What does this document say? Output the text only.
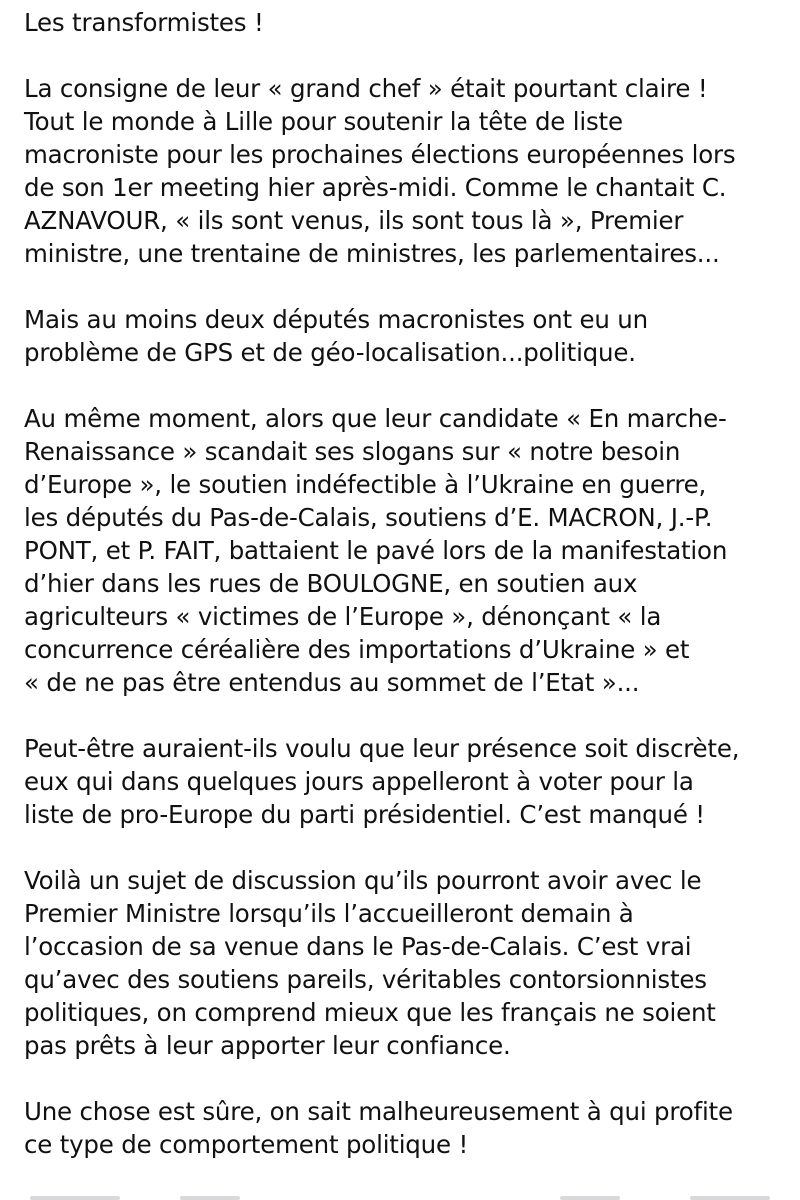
Les transformistes !

La consigne de leur « grand chef » était pourtant claire !
Tout le monde à Lille pour soutenir la tête de liste
macroniste pour les prochaines élections européennes lors
de son 1er meeting hier après-midi. Comme le chantait C.
AZNAVOUR, « ils sont venus, ils sont tous là », Premier
ministre, une trentaine de ministres, les parlementaires...

Mais au moins deux députés macronistes ont eu un
problème de GPS et de géo-localisation...politique.

Au même moment, alors que leur candidate « En marche-
Renaissance » scandait ses slogans sur « notre besoin
d’Europe », le soutien indéfectible à l’Ukraine en guerre,
les députés du Pas-de-Calais, soutiens d’E. MACRON, J.-P.
PONT, et P. FAIT, battaient le pavé lors de la manifestation
d’hier dans les rues de BOULOGNE, en soutien aux
agriculteurs « victimes de l’Europe », dénonçant « la
concurrence céréalière des importations d’Ukraine » et
« de ne pas être entendus au sommet de l’Etat »...

Peut-être auraient-ils voulu que leur présence soit discrète,
eux qui dans quelques jours appelleront à voter pour la
liste de pro-Europe du parti présidentiel. C’est manqué !

Voilà un sujet de discussion qu’ils pourront avoir avec le
Premier Ministre lorsqu’ils l’accueilleront demain à
l’occasion de sa venue dans le Pas-de-Calais. C’est vrai
qu’avec des soutiens pareils, véritables contorsionnistes
politiques, on comprend mieux que les français ne soient
pas prêts à leur apporter leur confiance.

Une chose est sûre, on sait malheureusement à qui profite
ce type de comportement politique !
